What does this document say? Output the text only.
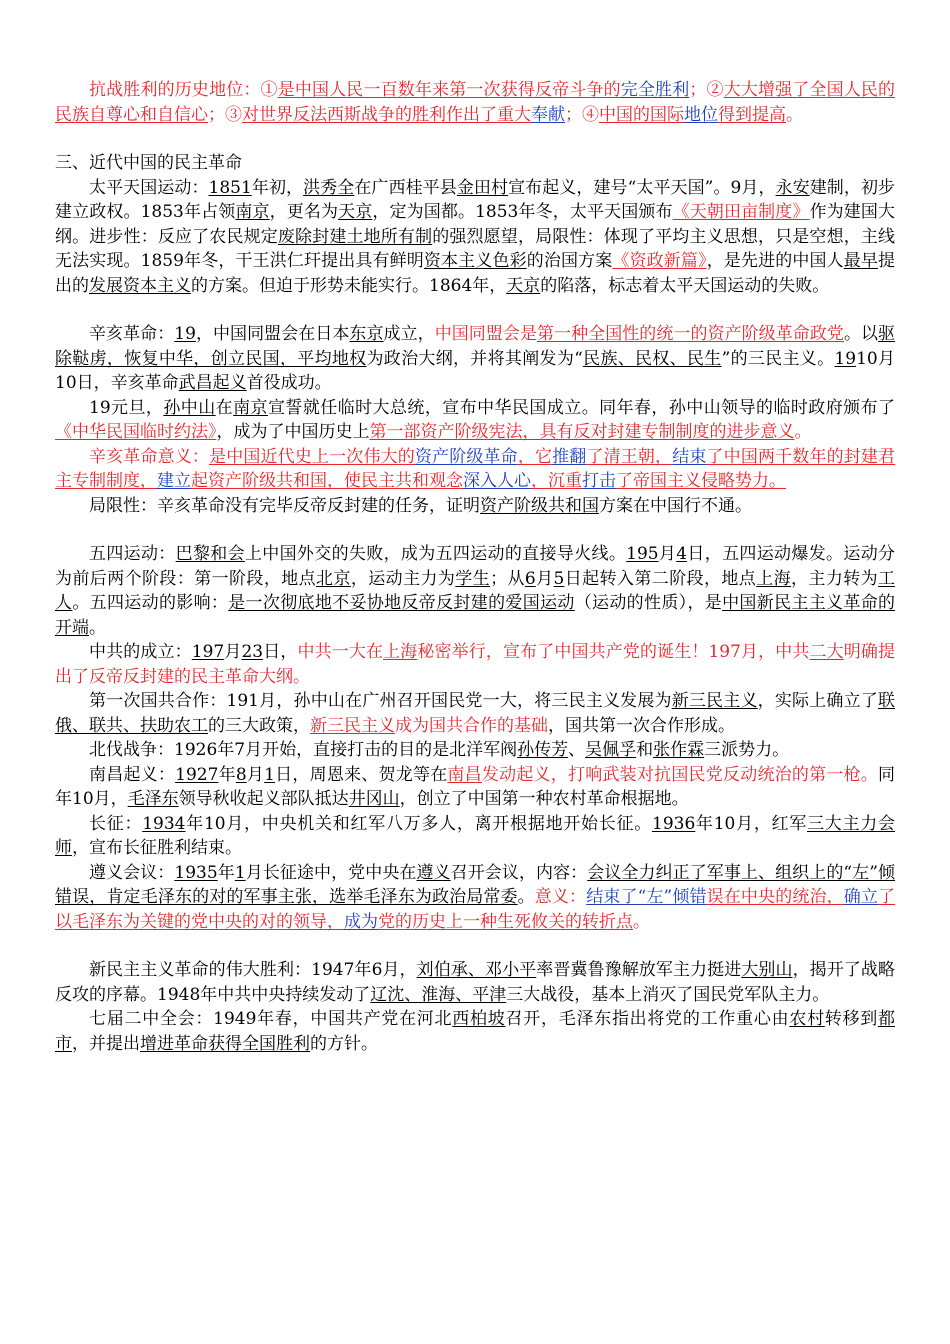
抗战胜利的历史地位：①是中国人民一百数年来第一次获得反帝斗争的完全胜利；②大大增强了全国人民的民族自尊心和自信心；③对世界反法西斯战争的胜利作出了重大奉献；④中国的国际地位得到提高。

三、近代中国的民主革命

太平天国运动：1851年初，洪秀全在广西桂平县金田村宣布起义，建号“太平天国”。9月，永安建制，初步建立政权。1853年占领南京，更名为天京，定为国都。1853年冬，太平天国颁布《天朝田亩制度》作为建国大纲。进步性：反应了农民规定废除封建土地所有制的强烈愿望，局限性：体现了平均主义思想，只是空想，主线无法实现。1859年冬，干王洪仁玕提出具有鲜明资本主义色彩的治国方案《资政新篇》，是先进的中国人最早提出的发展资本主义的方案。但迫于形势未能实行。1864年，天京的陷落，标志着太平天国运动的失败。

辛亥革命：19，中国同盟会在日本东京成立，中国同盟会是第一种全国性的统一的资产阶级革命政党。以驱除鞑虏，恢复中华，创立民国，平均地权为政治大纲，并将其阐发为“民族、民权、民生”的三民主义。1910月10日，辛亥革命武昌起义首役成功。

19元旦，孙中山在南京宣誓就任临时大总统，宣布中华民国成立。同年春，孙中山领导的临时政府颁布了《中华民国临时约法》，成为了中国历史上第一部资产阶级宪法，具有反对封建专制制度的进步意义。

辛亥革命意义：是中国近代史上一次伟大的资产阶级革命，它推翻了清王朝，结束了中国两千数年的封建君主专制制度，建立起资产阶级共和国，使民主共和观念深入人心，沉重打击了帝国主义侵略势力。

局限性：辛亥革命没有完毕反帝反封建的任务，证明资产阶级共和国方案在中国行不通。

五四运动：巴黎和会上中国外交的失败，成为五四运动的直接导火线。195月4日，五四运动爆发。运动分为前后两个阶段：第一阶段，地点北京，运动主力为学生；从6月5日起转入第二阶段，地点上海，主力转为工人。五四运动的影响：是一次彻底地不妥协地反帝反封建的爱国运动（运动的性质），是中国新民主主义革命的开端。

中共的成立：197月23日，中共一大在上海秘密举行，宣布了中国共产党的诞生！197月，中共二大明确提出了反帝反封建的民主革命大纲。

第一次国共合作：191月，孙中山在广州召开国民党一大，将三民主义发展为新三民主义，实际上确立了联俄、联共、扶助农工的三大政策，新三民主义成为国共合作的基础，国共第一次合作形成。

北伐战争：1926年7月开始，直接打击的目的是北洋军阀孙传芳、吴佩孚和张作霖三派势力。

南昌起义：1927年8月1日，周恩来、贺龙等在南昌发动起义，打响武装对抗国民党反动统治的第一枪。同年10月，毛泽东领导秋收起义部队抵达井冈山，创立了中国第一种农村革命根据地。

长征：1934年10月，中央机关和红军八万多人，离开根据地开始长征。1936年10月，红军三大主力会师，宣布长征胜利结束。

遵义会议：1935年1月长征途中，党中央在遵义召开会议，内容：会议全力纠正了军事上、组织上的“左”倾错误，肯定毛泽东的对的军事主张，选举毛泽东为政治局常委。意义：结束了“左”倾错误在中央的统治，确立了以毛泽东为关键的党中央的对的领导，成为党的历史上一种生死攸关的转折点。

新民主主义革命的伟大胜利：1947年6月，刘伯承、邓小平率晋冀鲁豫解放军主力挺进大别山，揭开了战略反攻的序幕。1948年中共中央持续发动了辽沈、淮海、平津三大战役，基本上消灭了国民党军队主力。

七届二中全会：1949年春，中国共产党在河北西柏坡召开，毛泽东指出将党的工作重心由农村转移到都市，并提出增进革命获得全国胜利的方针。
